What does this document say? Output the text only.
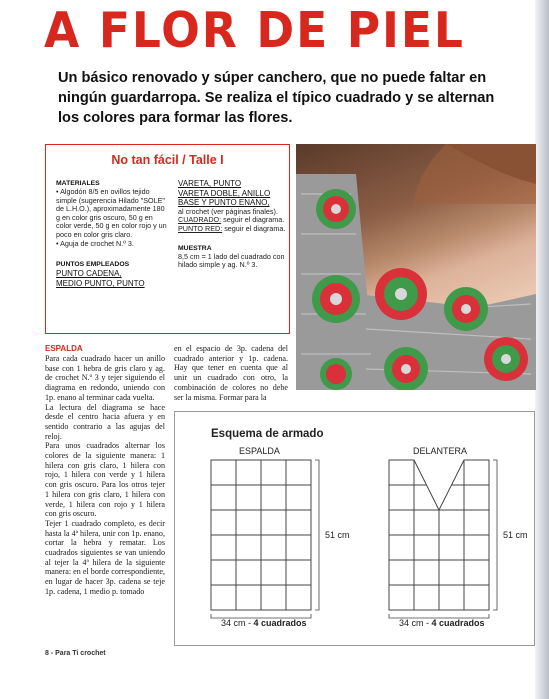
A FLOR DE PIEL

Un básico renovado y súper canchero, que no puede faltar en ningún guardarropa. Se realiza el típico cuadrado y se alternan los colores para formar las flores.

No tan fácil / Talle I
MATERIALES
• Algodón 8/5 en ovillos tejido simple (sugerencia Hilado "SOLE" de L.H.O.), aproximadamente 180 g en color gris oscuro, 50 g en color verde, 50 g en color rojo y un poco en color gris claro.
• Aguja de crochet N.º 3.
PUNTOS EMPLEADOS
PUNTO CADENA,
MEDIO PUNTO, PUNTO
VARETA, PUNTO
VARETA DOBLE, ANILLO
BASE Y PUNTO ENANO,
al crochet (ver páginas finales).
CUADRADO: seguir el diagrama.
PUNTO RED: seguir el diagrama.
MUESTRA
8,5 cm = 1 lado del cuadrado con hilado simple y ag. N.º 3.
ESPALDA

Para cada cuadrado hacer un anillo base con 1 hebra de gris claro y ag. de crochet N.º 3 y tejer siguiendo el diagrama en redondo, uniendo con 1p. enano al terminar cada vuelta.

La lectura del diagrama se hace desde el centro hacia afuera y en sentido contrario a las agujas del reloj.

Para unos cuadrados alternar los colores de la siguiente manera: 1 hilera con gris claro, 1 hilera con rojo, 1 hilera con verde y 1 hilera con gris oscuro. Para los otros tejer 1 hilera con gris claro, 1 hilera con verde, 1 hilera con rojo y 1 hilera con gris oscuro.

Tejer 1 cuadrado completo, es decir hasta la 4ª hilera, unir con 1p. enano, cortar la hebra y rematar. Los cuadrados siguientes se van uniendo al tejer la 4ª hilera de la siguiente manera: en el borde correspondiente, en lugar de hacer 3p. cadena se teje 1p. cadena, 1 medio p. tomado

en el espacio de 3p. cadena del cuadrado anterior y 1p. cadena. Hay que tener en cuenta que al unir un cuadrado con otro, la combinación de colores no debe ser la misma. Formar para la

Esquema de armado
ESPALDA	DELANTERA
51 cm	51 cm
34 cm - 4 cuadrados	34 cm - 4 cuadrados
8 - Para Ti crochet
